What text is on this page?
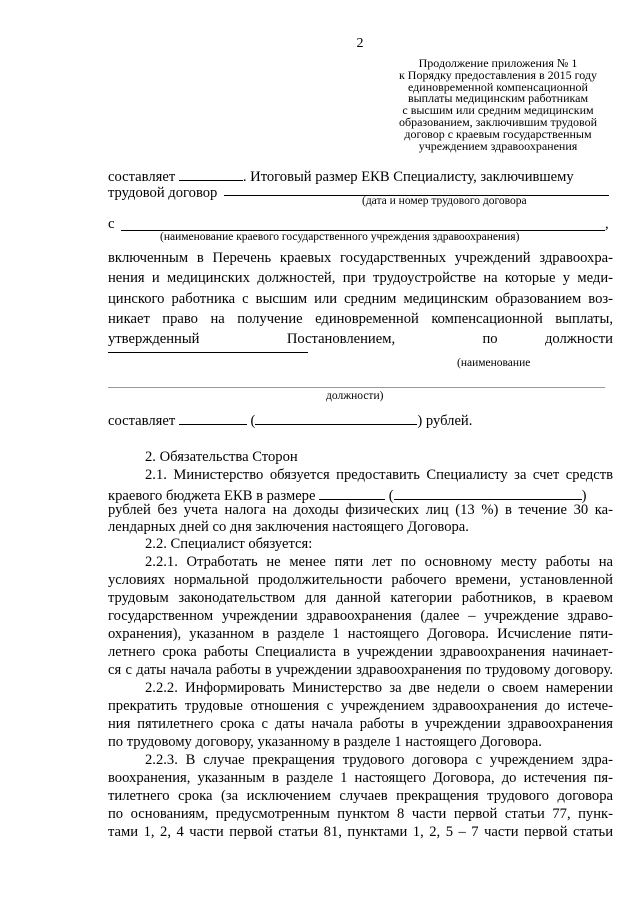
2
Продолжение приложения № 1
к Порядку предоставления в 2015 году
единовременной компенсационной
выплаты медицинским работникам
с высшим или средним медицинским
образованием, заключившим трудовой
договор с краевым государственным
учреждением здравоохранения
составляет	. Итоговый размер ЕКВ Специалисту, заключившему
трудовой договор	(дата и номер трудового договора
с	,
(наименование краевого государственного учреждения здравоохранения)
включенным в Перечень краевых государственных учреждений здравоохра-
нения и медицинских должностей, при трудоустройстве на которые у меди-
цинского работника с высшим или средним медицинским образованием воз-
никает право на получение единовременной компенсационной выплаты,
утвержденный	Постановлением,	по	должности
(наименование
должности)
составляет	(	) рублей.
2. Обязательства Сторон
2.1. Министерство обязуется предоставить Специалисту за счет средств
краевого бюджета ЕКВ в размере	(	)
рублей без учета налога на доходы физических лиц (13 %) в течение 30 ка-
лендарных дней со дня заключения настоящего Договора.
2.2. Специалист обязуется:
2.2.1. Отработать не менее пяти лет по основному месту работы на
условиях нормальной продолжительности рабочего времени, установленной
трудовым законодательством для данной категории работников, в краевом
государственном учреждении здравоохранения (далее – учреждение здраво-
охранения), указанном в разделе 1 настоящего Договора. Исчисление пяти-
летнего срока работы Специалиста в учреждении здравоохранения начинает-
ся с даты начала работы в учреждении здравоохранения по трудовому договору.
2.2.2. Информировать Министерство за две недели о своем намерении
прекратить трудовые отношения с учреждением здравоохранения до истече-
ния пятилетнего срока с даты начала работы в учреждении здравоохранения
по трудовому договору, указанному в разделе 1 настоящего Договора.
2.2.3. В случае прекращения трудового договора с учреждением здра-
воохранения, указанным в разделе 1 настоящего Договора, до истечения пя-
тилетнего срока (за исключением случаев прекращения трудового договора
по основаниям, предусмотренным пунктом 8 части первой статьи 77, пунк-
тами 1, 2, 4 части первой статьи 81, пунктами 1, 2, 5 – 7 части первой статьи
